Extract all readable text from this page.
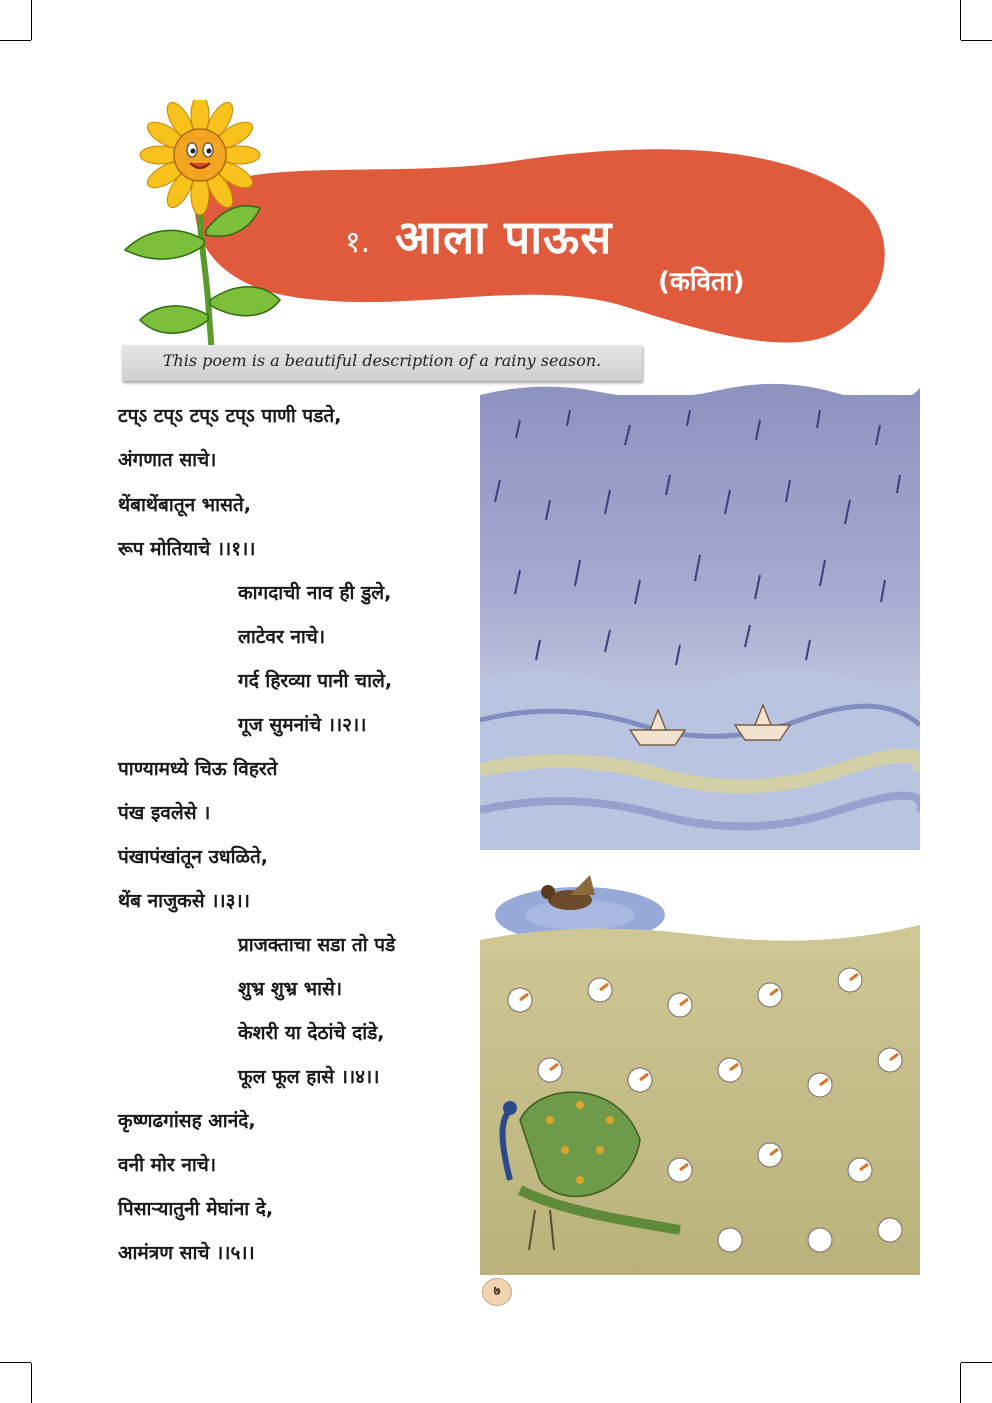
१. आला पाऊस
(कविता)
This poem is a beautiful description of a rainy season.
टप्‌ऽ टप्‌ऽ टप्‌ऽ टप्‌ऽ पाणी पडते,
अंगणात साचे।
थेंबाथेंबातून भासते,
रूप मोतियाचे ।।१।।
कागदाची नाव ही डुले,
लाटेवर नाचे।
गर्द हिरव्या पानी चाले,
गूज सुमनांचे ।।२।।
पाण्यामध्ये चिऊ विहरते
पंख इवलेसे ।
पंखापंखांतून उधळिते,
थेंब नाजुकसे ।।३।।
प्राजक्ताचा सडा तो पडे
शुभ्र शुभ्र भासे।
केशरी या देठांचे दांडे,
फूल फूल हासे ।।४।।
कृष्णढगांसह आनंदे,
वनी मोर नाचे।
पिसाऱ्यातुनी मेघांना दे,
आमंत्रण साचे ।।५।।
७
